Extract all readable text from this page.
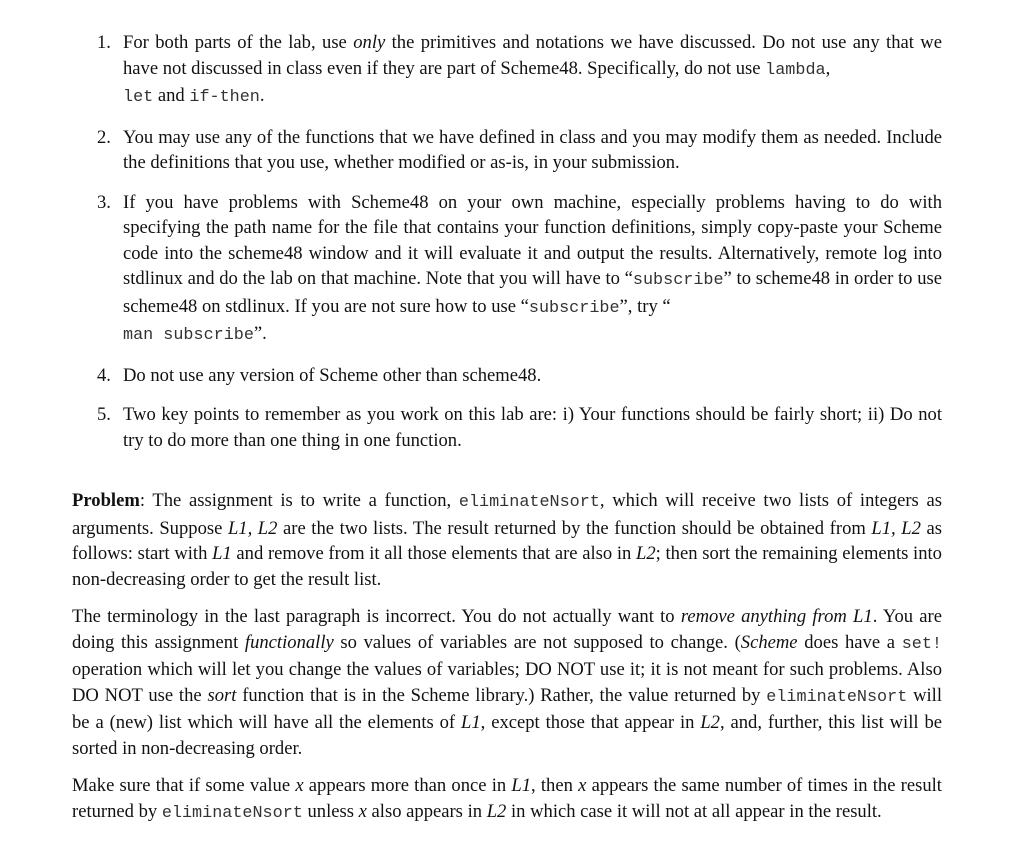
1. For both parts of the lab, use only the primitives and notations we have discussed. Do not use any that we have not discussed in class even if they are part of Scheme48. Specifically, do not use lambda,
let and if-then.
2. You may use any of the functions that we have defined in class and you may modify them as needed. Include the definitions that you use, whether modified or as-is, in your submission.
3. If you have problems with Scheme48 on your own machine, especially problems having to do with specifying the path name for the file that contains your function definitions, simply copy-paste your Scheme code into the scheme48 window and it will evaluate it and output the results. Alternatively, remote log into stdlinux and do the lab on that machine. Note that you will have to “subscribe” to scheme48 in order to use scheme48 on stdlinux. If you are not sure how to use “subscribe”, try “
man subscribe”.
4. Do not use any version of Scheme other than scheme48.
5. Two key points to remember as you work on this lab are: i) Your functions should be fairly short; ii) Do not try to do more than one thing in one function.

Problem: The assignment is to write a function, eliminateNsort, which will receive two lists of integers as arguments. Suppose L1, L2 are the two lists. The result returned by the function should be obtained from L1, L2 as follows: start with L1 and remove from it all those elements that are also in L2; then sort the remaining elements into non-decreasing order to get the result list.

The terminology in the last paragraph is incorrect. You do not actually want to remove anything from L1. You are doing this assignment functionally so values of variables are not supposed to change. (Scheme does have a set! operation which will let you change the values of variables; DO NOT use it; it is not meant for such problems. Also DO NOT use the sort function that is in the Scheme library.) Rather, the value returned by eliminateNsort will be a (new) list which will have all the elements of L1, except those that appear in L2, and, further, this list will be sorted in non-decreasing order.

Make sure that if some value x appears more than once in L1, then x appears the same number of times in the result returned by eliminateNsort unless x also appears in L2 in which case it will not at all appear in the result.
